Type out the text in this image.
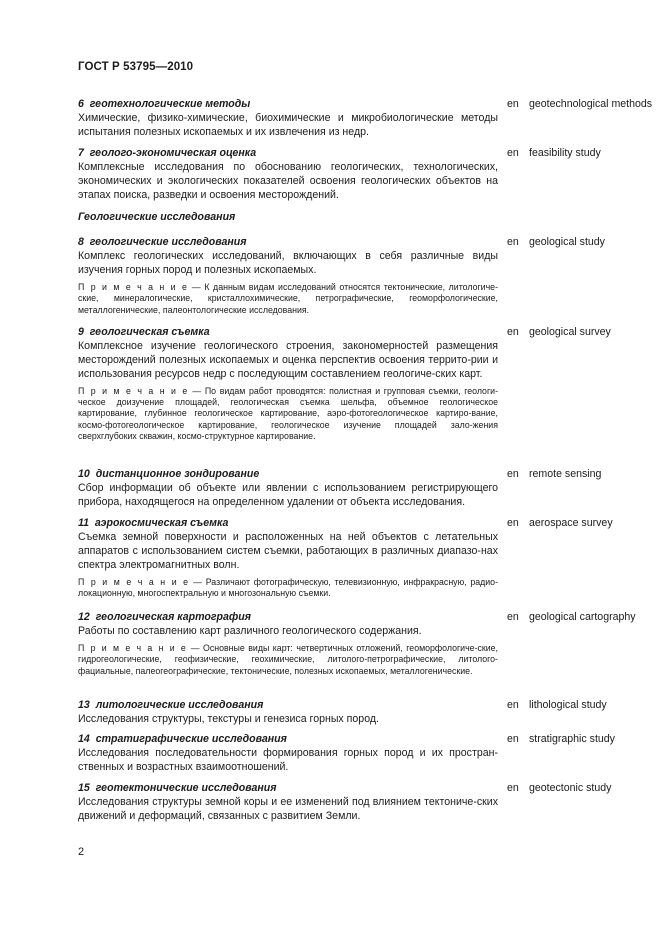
ГОСТ Р 53795—2010
6 геотехнологические методы
Химические, физико-химические, биохимические и микробиологические методы испытания полезных ископаемых и их извлечения из недр.
en geotechnological methods
7 геолого-экономическая оценка
Комплексные исследования по обоснованию геологических, технологических, экономических и экологических показателей освоения геологических объектов на этапах поиска, разведки и освоения месторождений.
en feasibility study
Геологические исследования
8 геологические исследования
Комплекс геологических исследований, включающих в себя различные виды изучения горных пород и полезных ископаемых.
П р и м е ч а н и е — К данным видам исследований относятся тектонические, литологиче-ские, минералогические, кристаллохимические, петрографические, геоморфологические, металлогенические, палеонтологические исследования.
en geological study
9 геологическая съемка
Комплексное изучение геологического строения, закономерностей размещения месторождений полезных ископаемых и оценка перспектив освоения террито-рии и использования ресурсов недр с последующим составлением геологиче-ских карт.
П р и м е ч а н и е — По видам работ проводятся: полистная и групповая съемки, геологи-ческое доизучение площадей, геологическая съемка шельфа, объемное геологическое картирование, глубинное геологическое картирование, аэро-фотогеологическое картиро-вание, космо-фотогеологическое картирование, геологическое изучение площадей зало-жения сверхглубоких скважин, космо-структурное картирование.
en geological survey
10 дистанционное зондирование
Сбор информации об объекте или явлении с использованием регистрирующего прибора, находящегося на определенном удалении от объекта исследования.
en remote sensing
11 аэрокосмическая съемка
Съемка земной поверхности и расположенных на ней объектов с летательных аппаратов с использованием систем съемки, работающих в различных диапазо-нах спектра электромагнитных волн.
П р и м е ч а н и е — Различают фотографическую, телевизионную, инфракрасную, радио-локационную, многоспектральную и многозональную съемки.
en aerospace survey
12 геологическая картография
Работы по составлению карт различного геологического содержания.
П р и м е ч а н и е — Основные виды карт: четвертичных отложений, геоморфологиче-ские, гидрогеологические, геофизические, геохимические, литолого-петрографические, литолого-фациальные, палеогеографические, тектонические, полезных ископаемых, металлогенические.
en geological cartography
13 литологические исследования
Исследования структуры, текстуры и генезиса горных пород.
en lithological study
14 стратиграфические исследования
Исследования последовательности формирования горных пород и их простран-ственных и возрастных взаимоотношений.
en stratigraphic study
15 геотектонические исследования
Исследования структуры земной коры и ее изменений под влиянием тектониче-ских движений и деформаций, связанных с развитием Земли.
en geotectonic study
2
